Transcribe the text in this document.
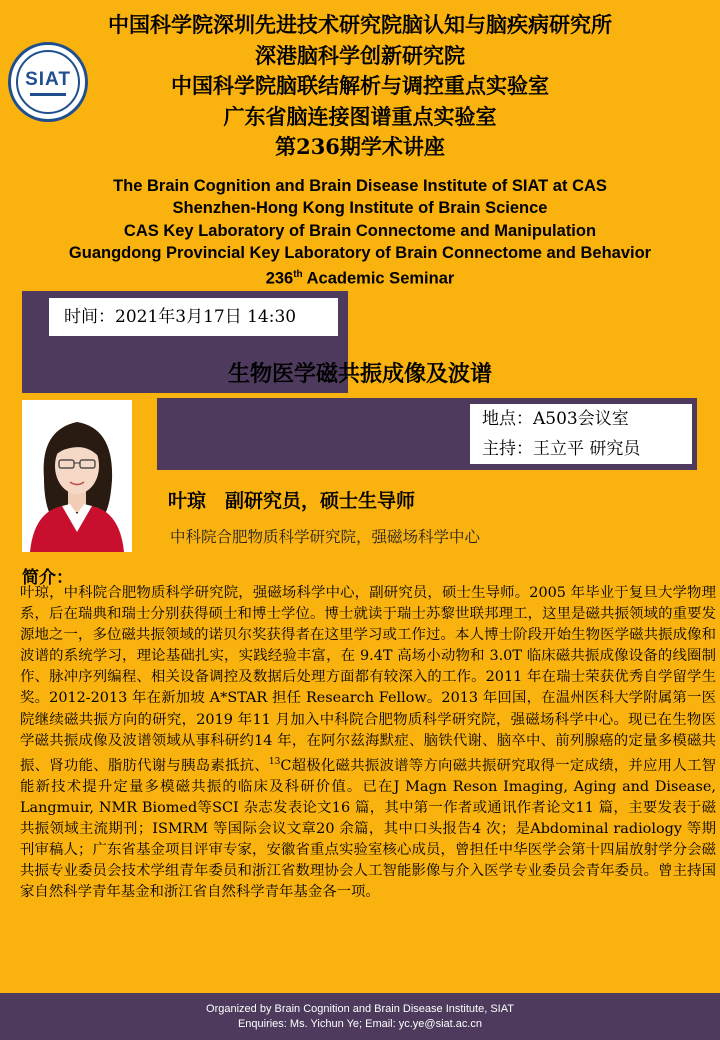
SIAT
中国科学院深圳先进技术研究院脑认知与脑疾病研究所
深港脑科学创新研究院
中国科学院脑联结解析与调控重点实验室
广东省脑连接图谱重点实验室
第236期学术讲座
The Brain Cognition and Brain Disease Institute of SIAT at CAS
Shenzhen-Hong Kong Institute of Brain Science
CAS Key Laboratory of Brain Connectome and Manipulation
Guangdong Provincial Key Laboratory of Brain Connectome and Behavior
236th Academic Seminar
时间：2021年3月17日 14:30
生物医学磁共振成像及波谱
地点：A503会议室
主持：王立平 研究员
叶琼　副研究员，硕士生导师
中科院合肥物质科学研究院，强磁场科学中心
简介：
叶琼，中科院合肥物质科学研究院，强磁场科学中心，副研究员，硕士生导师。2005 年毕业于复旦大学物理系，后在瑞典和瑞士分别获得硕士和博士学位。博士就读于瑞士苏黎世联邦理工，这里是磁共振领域的重要发源地之一，多位磁共振领域的诺贝尔奖获得者在这里学习或工作过。本人博士阶段开始生物医学磁共振成像和波谱的系统学习，理论基础扎实，实践经验丰富，在 9.4T 高场小动物和 3.0T 临床磁共振成像设备的线圈制作、脉冲序列编程、相关设备调控及数据后处理方面都有较深入的工作。2011 年在瑞士荣获优秀自学留学生奖。2012-2013 年在新加坡 A*STAR 担任 Research Fellow。2013 年回国，在温州医科大学附属第一医院继续磁共振方向的研究，2019 年11 月加入中科院合肥物质科学研究院，强磁场科学中心。现已在生物医学磁共振成像及波谱领域从事科研约14 年，在阿尔兹海默症、脑铁代谢、脑卒中、前列腺癌的定量多模磁共振、肾功能、脂肪代谢与胰岛素抵抗、$^{13}$C超极化磁共振波谱等方向磁共振研究取得一定成绩，并应用人工智能新技术提升定量多模磁共振的临床及科研价值。已在J Magn Reson Imaging, Aging and Disease, Langmuir, NMR Biomed等SCI 杂志发表论文16 篇，其中第一作者或通讯作者论文11 篇，主要发表于磁共振领域主流期刊；ISMRM 等国际会议文章20 余篇，其中口头报告4 次；是Abdominal radiology 等期刊审稿人；广东省基金项目评审专家，安徽省重点实验室核心成员，曾担任中华医学会第十四届放射学分会磁共振专业委员会技术学组青年委员和浙江省数理协会人工智能影像与介入医学专业委员会青年委员。曾主持国家自然科学青年基金和浙江省自然科学青年基金各一项。
Organized by Brain Cognition and Brain Disease Institute, SIAT
Enquiries: Ms. Yichun Ye; Email: yc.ye@siat.ac.cn
